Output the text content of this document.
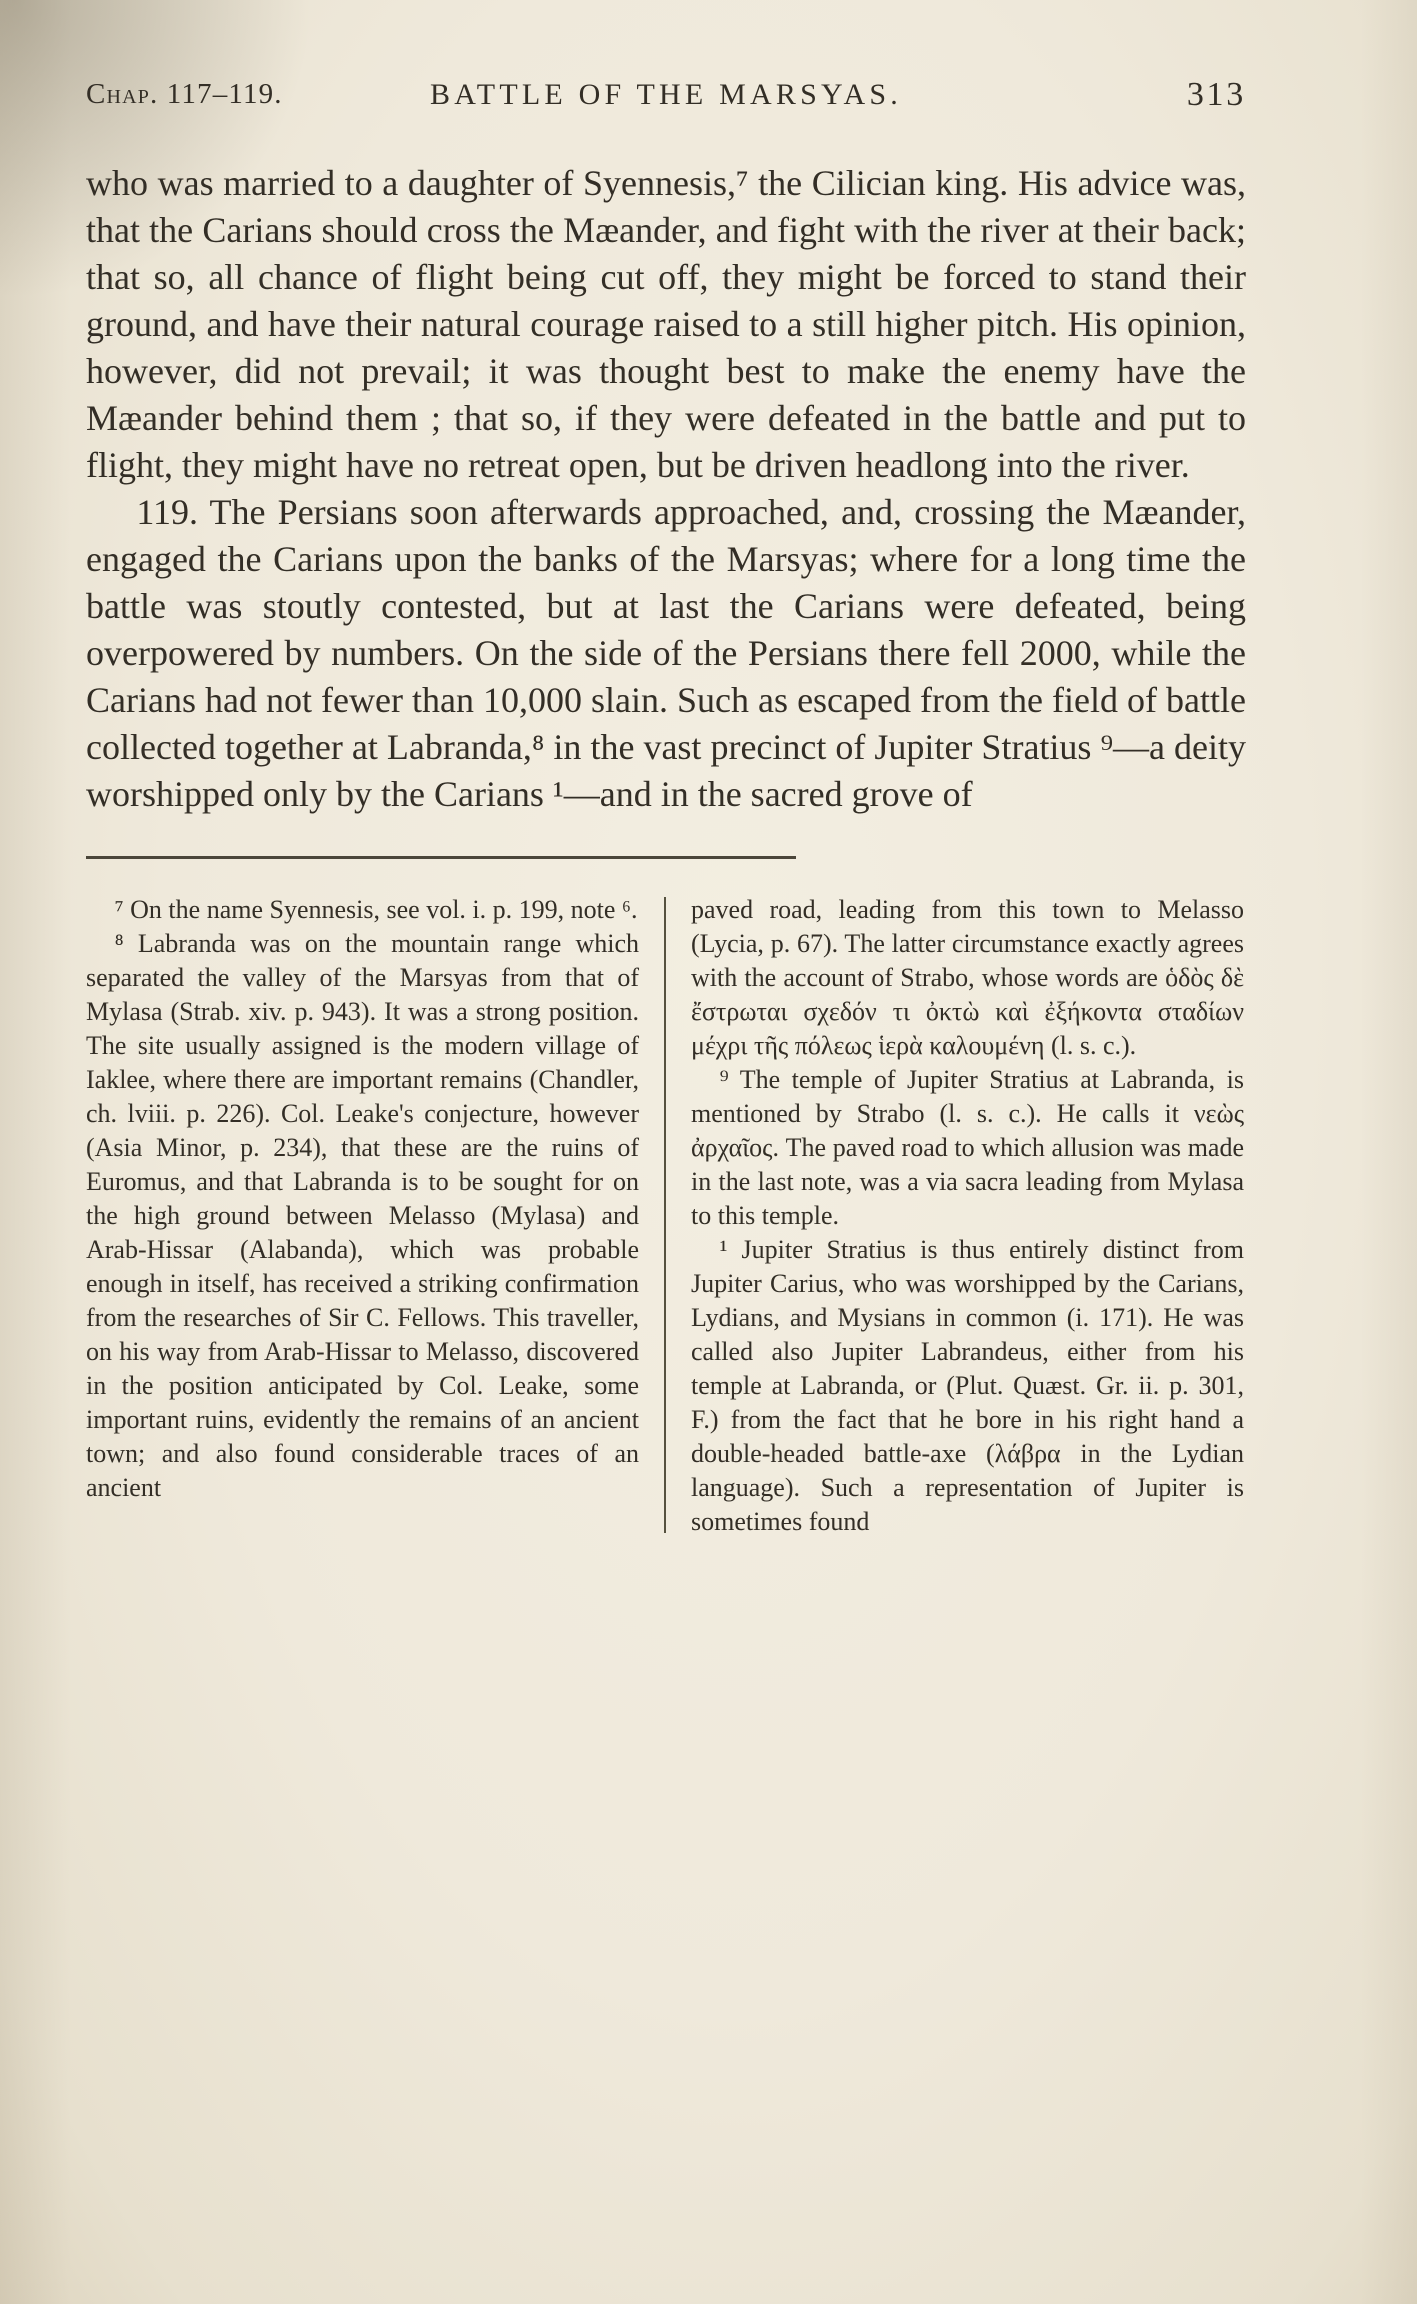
Chap. 117–119.	BATTLE OF THE MARSYAS.	313

who was married to a daughter of Syennesis,⁷ the Cilician king. His advice was, that the Carians should cross the Mæander, and fight with the river at their back; that so, all chance of flight being cut off, they might be forced to stand their ground, and have their natural courage raised to a still higher pitch. His opinion, however, did not prevail; it was thought best to make the enemy have the Mæander behind them ; that so, if they were defeated in the battle and put to flight, they might have no retreat open, but be driven headlong into the river.

119. The Persians soon afterwards approached, and, crossing the Mæander, engaged the Carians upon the banks of the Marsyas; where for a long time the battle was stoutly contested, but at last the Carians were defeated, being overpowered by numbers. On the side of the Persians there fell 2000, while the Carians had not fewer than 10,000 slain. Such as escaped from the field of battle collected together at Labranda,⁸ in the vast precinct of Jupiter Stratius ⁹—a deity worshipped only by the Carians ¹—and in the sacred grove of

⁷ On the name Syennesis, see vol. i. p. 199, note ⁶.

⁸ Labranda was on the mountain range which separated the valley of the Marsyas from that of Mylasa (Strab. xiv. p. 943). It was a strong position. The site usually assigned is the modern village of Iaklee, where there are important remains (Chandler, ch. lviii. p. 226). Col. Leake's conjecture, however (Asia Minor, p. 234), that these are the ruins of Euromus, and that Labranda is to be sought for on the high ground between Melasso (Mylasa) and Arab-Hissar (Alabanda), which was probable enough in itself, has received a striking confirmation from the researches of Sir C. Fellows. This traveller, on his way from Arab-Hissar to Melasso, discovered in the position anticipated by Col. Leake, some important ruins, evidently the remains of an ancient town; and also found considerable traces of an ancient

paved road, leading from this town to Melasso (Lycia, p. 67). The latter circumstance exactly agrees with the account of Strabo, whose words are ὁδὸς δὲ ἔστρωται σχεδόν τι ὀκτὼ καὶ ἐξήκοντα σταδίων μέχρι τῆς πόλεως ἱερὰ καλουμένη (l. s. c.).

⁹ The temple of Jupiter Stratius at Labranda, is mentioned by Strabo (l. s. c.). He calls it νεὼς ἀρχαῖος. The paved road to which allusion was made in the last note, was a via sacra leading from Mylasa to this temple.

¹ Jupiter Stratius is thus entirely distinct from Jupiter Carius, who was worshipped by the Carians, Lydians, and Mysians in common (i. 171). He was called also Jupiter Labrandeus, either from his temple at Labranda, or (Plut. Quæst. Gr. ii. p. 301, F.) from the fact that he bore in his right hand a double-headed battle-axe (λάβρα in the Lydian language). Such a representation of Jupiter is sometimes found
